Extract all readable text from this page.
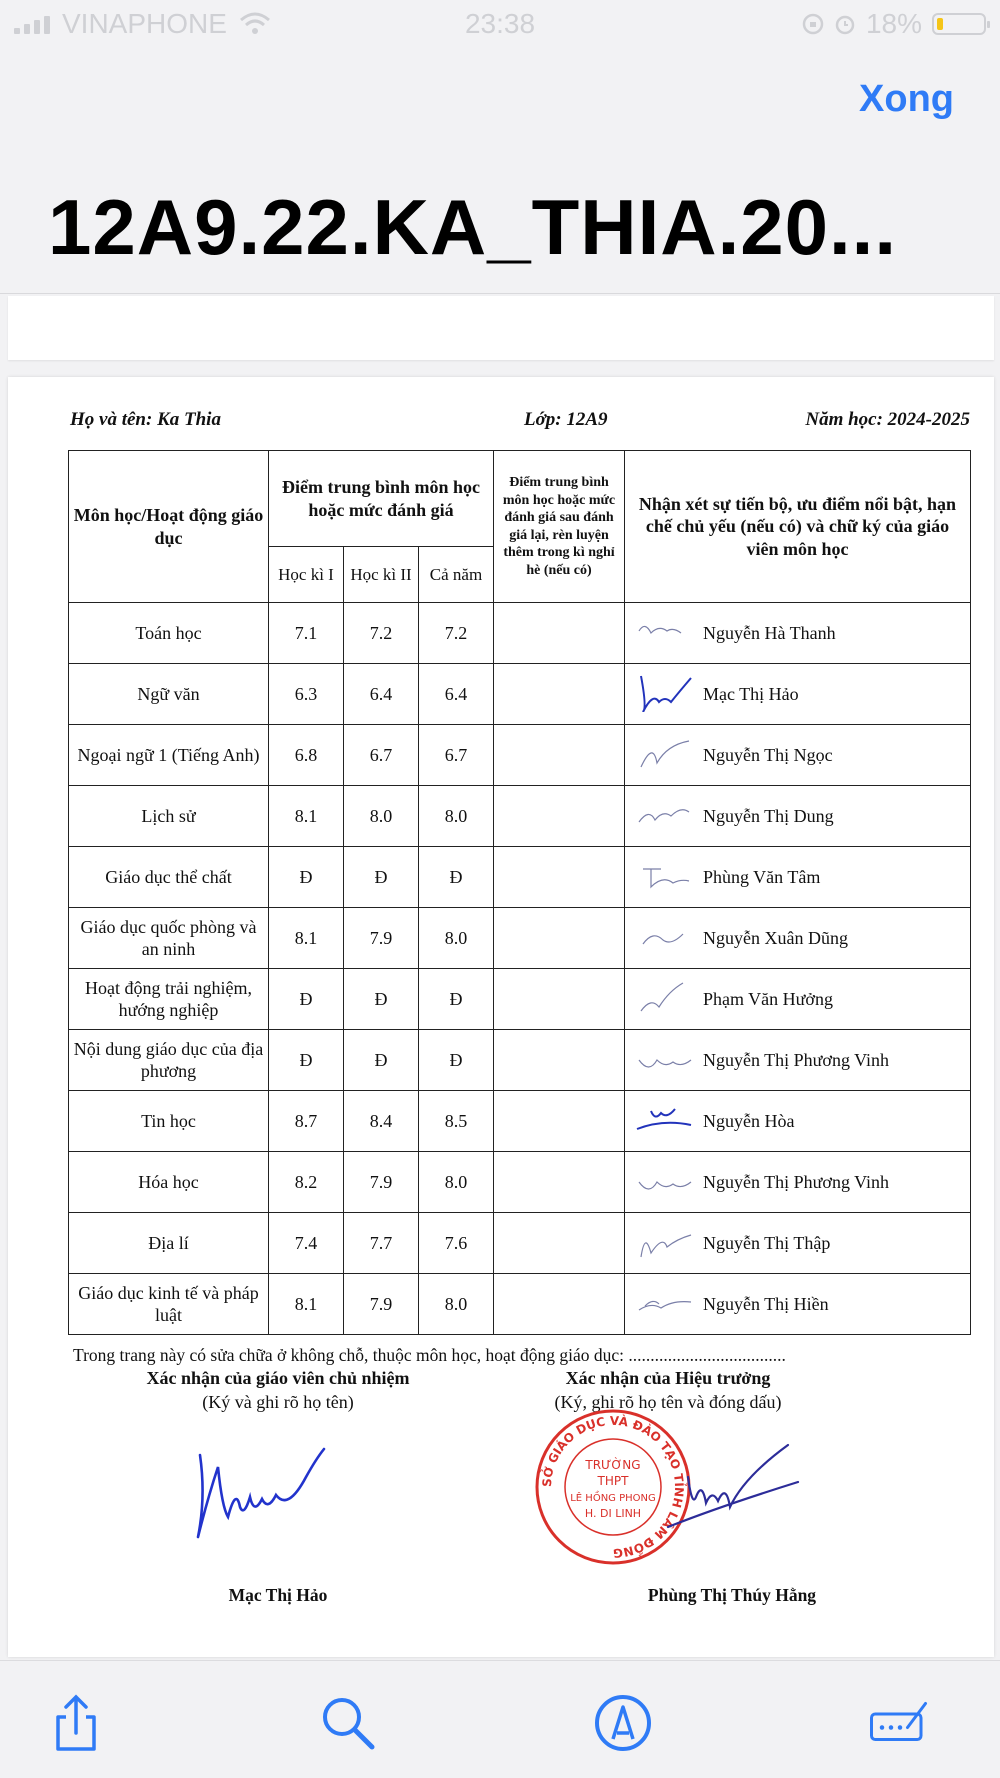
VINAPHONE	23:38	18%
Xong
12A9.22.KA_THIA.20...
Họ và tên: Ka Thia	Lớp: 12A9	Năm học: 2024-2025
Môn học/Hoạt động giáo dục	Điểm trung bình môn học hoặc mức đánh giá			Điểm trung bình môn học hoặc mức đánh giá sau đánh giá lại, rèn luyện thêm trong kì nghỉ hè (nếu có)	Nhận xét sự tiến bộ, ưu điểm nổi bật, hạn chế chủ yếu (nếu có) và chữ ký của giáo viên môn học
	Học kì I	Học kì II	Cả năm		
Toán học	7.1	7.2	7.2		Nguyễn Hà Thanh
Ngữ văn	6.3	6.4	6.4		Mạc Thị Hảo
Ngoại ngữ 1 (Tiếng Anh)	6.8	6.7	6.7		Nguyễn Thị Ngọc
Lịch sử	8.1	8.0	8.0		Nguyễn Thị Dung
Giáo dục thể chất	Đ	Đ	Đ		Phùng Văn Tâm
Giáo dục quốc phòng và an ninh	8.1	7.9	8.0		Nguyễn Xuân Dũng
Hoạt động trải nghiệm, hướng nghiệp	Đ	Đ	Đ		Phạm Văn Hưởng
Nội dung giáo dục của địa phương	Đ	Đ	Đ		Nguyễn Thị Phương Vinh
Tin học	8.7	8.4	8.5		Nguyễn Hòa
Hóa học	8.2	7.9	8.0		Nguyễn Thị Phương Vinh
Địa lí	7.4	7.7	7.6		Nguyễn Thị Thập
Giáo dục kinh tế và pháp luật	8.1	7.9	8.0		Nguyễn Thị Hiền
Trong trang này có sửa chữa ở không chỗ, thuộc môn học, hoạt động giáo dục: ....................................
Xác nhận của giáo viên chủ nhiệm
(Ký và ghi rõ họ tên)
Xác nhận của Hiệu trưởng
(Ký, ghi rõ họ tên và đóng dấu)
SỞ GIÁO DỤC VÀ ĐÀO TẠO TỈNH LÂM ĐỒNG
TRƯỜNG
THPT
LÊ HỒNG PHONG
H. DI LINH
Mạc Thị Hảo	Phùng Thị Thúy Hằng
